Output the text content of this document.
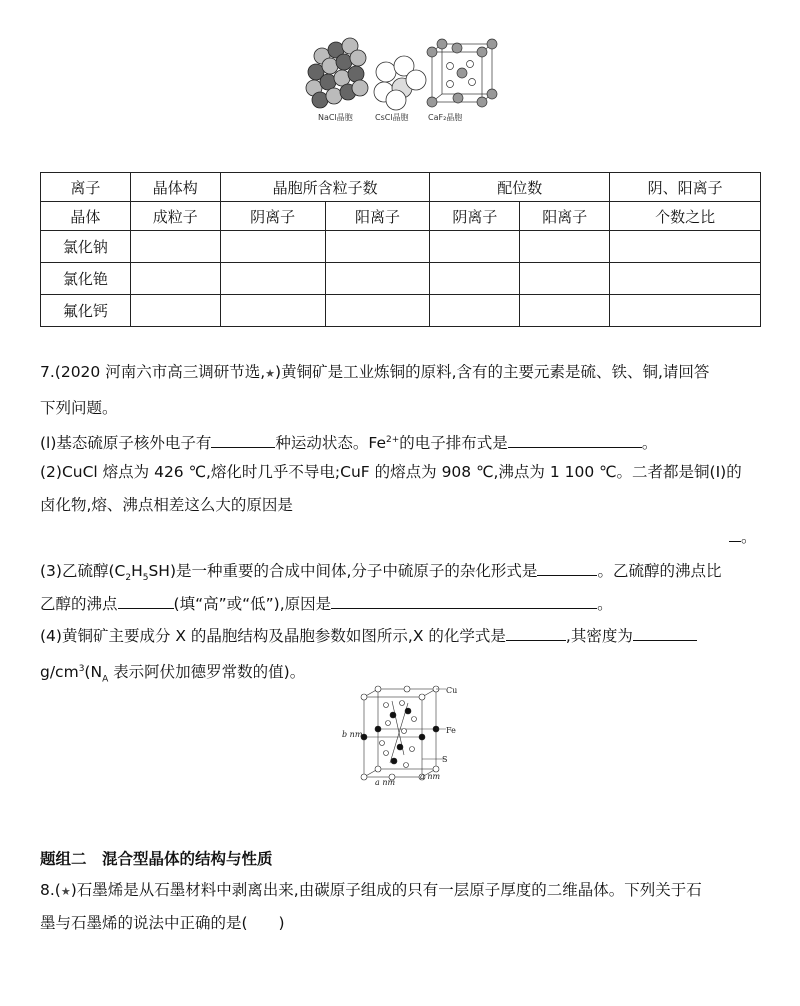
NaCl晶胞	CsCl晶胞 CaF₂晶胞
离子	晶体构	晶胞所含粒子数		配位数		阴、阳离子
晶体	成粒子	阴离子	阳离子	阴离子	阳离子	个数之比
氯化钠						
氯化铯						
氟化钙						
7.(2020 河南六市高三调研节选,★)黄铜矿是工业炼铜的原料,含有的主要元素是硫、铁、铜,请回答
下列问题。
(l)基态硫原子核外电子有	种运动状态。$Fe^{2+}$的电子排布式是	。
(2)CuCl 熔点为 426 ℃,熔化时几乎不导电;CuF 的熔点为 908 ℃,沸点为 1 100 ℃。二者都是铜(Ⅰ)的
卤化物,熔、沸点相差这么大的原因是
。
(3)乙硫醇$(C_2H_5SH)$是一种重要的合成中间体,分子中硫原子的杂化形式是	。乙硫醇的沸点比
乙醇的沸点	(填“高”或“低”),原因是	。
(4)黄铜矿主要成分 X 的晶胞结构及晶胞参数如图所示,X 的化学式是	,其密度为
$g/cm^3(N_A$ 表示阿伏加德罗常数的值)。
Cu
Fe
S
b nm
a nm
a nm
题组二　混合型晶体的结构与性质
8.(★)石墨烯是从石墨材料中剥离出来,由碳原子组成的只有一层原子厚度的二维晶体。下列关于石
墨与石墨烯的说法中正确的是(　　)
